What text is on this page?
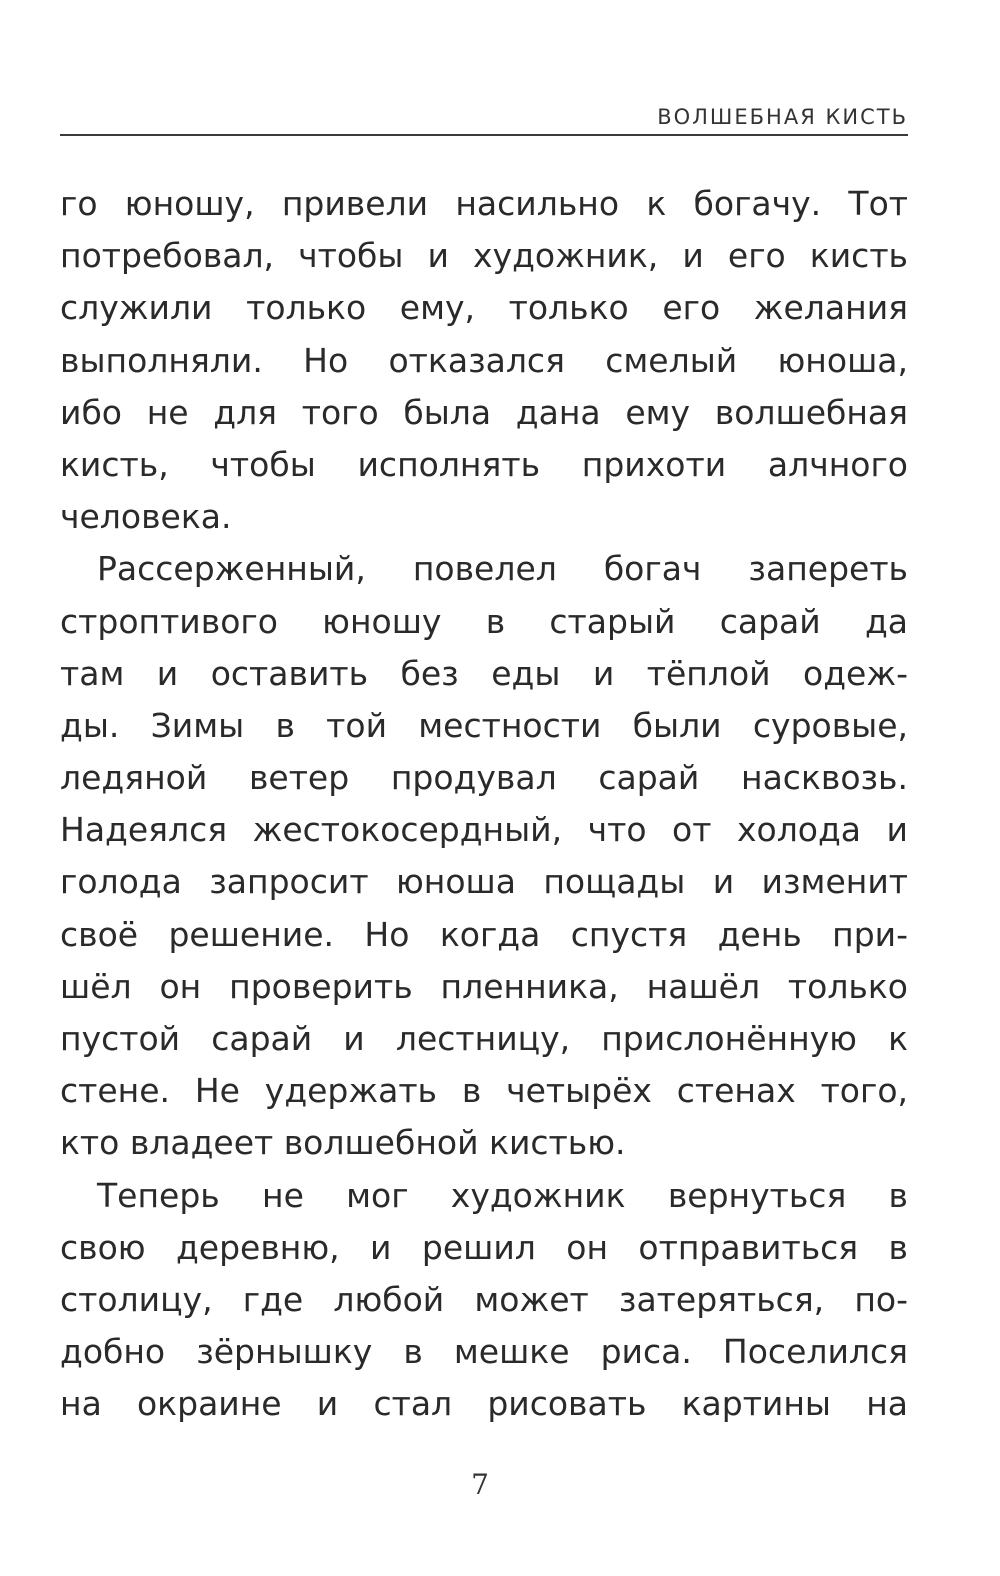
ВОЛШЕБНАЯ КИСТЬ
го юношу, привели насильно к богачу. Тот
потребовал, чтобы и художник, и его кисть
служили только ему, только его желания
выполняли. Но отказался смелый юноша,
ибо не для того была дана ему волшебная
кисть, чтобы исполнять прихоти алчного
человека.
Рассерженный, повелел богач запереть
строптивого юношу в старый сарай да
там и оставить без еды и тёплой одеж-
ды. Зимы в той местности были суровые,
ледяной ветер продувал сарай насквозь.
Надеялся жестокосердный, что от холода и
голода запросит юноша пощады и изменит
своё решение. Но когда спустя день при-
шёл он проверить пленника, нашёл только
пустой сарай и лестницу, прислонённую к
стене. Не удержать в четырёх стенах того,
кто владеет волшебной кистью.
Теперь не мог художник вернуться в
свою деревню, и решил он отправиться в
столицу, где любой может затеряться, по-
добно зёрнышку в мешке риса. Поселился
на окраине и стал рисовать картины на
7
